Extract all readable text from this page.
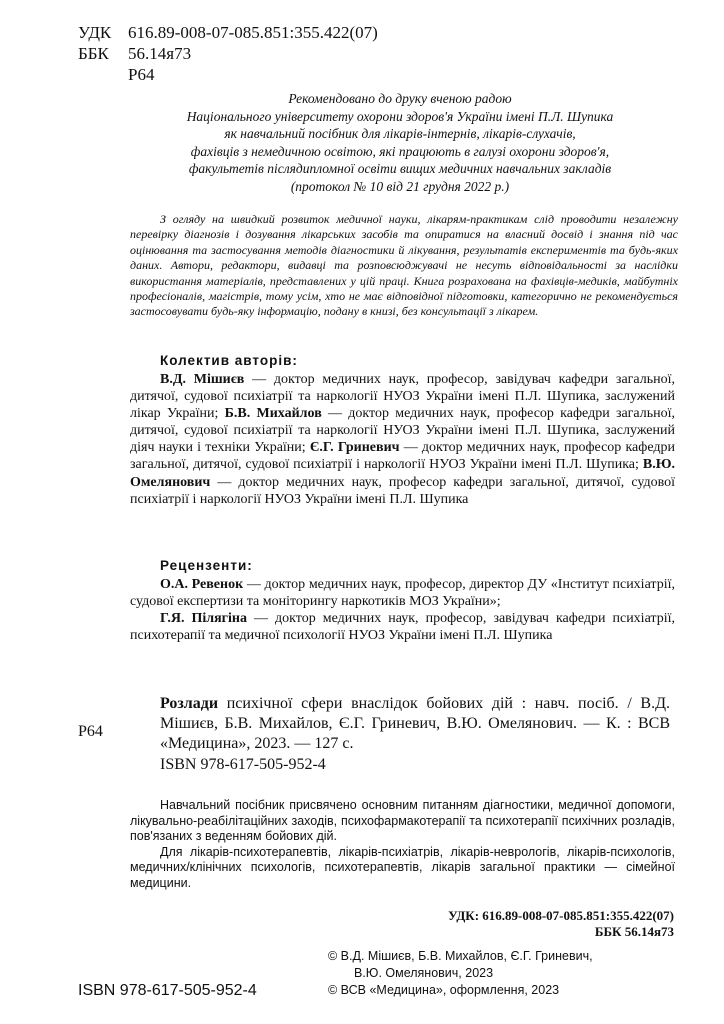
УДК 616.89-008-07-085.851:355.422(07)
ББК 56.14я73
Р64
Рекомендовано до друку вченою радою
Національного університету охорони здоров'я України імені П.Л. Шупика
як навчальний посібник для лікарів-інтернів, лікарів-слухачів,
фахівців з немедичною освітою, які працюють в галузі охорони здоров'я,
факультетів післядипломної освіти вищих медичних навчальних закладів
(протокол № 10 від 21 грудня 2022 р.)
З огляду на швидкий розвиток медичної науки, лікарям-практикам слід проводити незалежну перевірку діагнозів і дозування лікарських засобів та опиратися на власний досвід і знання під час оцінювання та застосування методів діагностики й лікування, результатів експериментів та будь-яких даних. Автори, редактори, видавці та розповсюджувачі не несуть відповідальності за наслідки використання матеріалів, представлених у цій праці. Книга розрахована на фахівців-медиків, майбутніх професіоналів, магістрів, тому усім, хто не має відповідної підготовки, категорично не рекомендується застосовувати будь-яку інформацію, подану в книзі, без консультації з лікарем.
Колектив авторів:
В.Д. Мішиєв — доктор медичних наук, професор, завідувач кафедри загальної, дитячої, судової психіатрії та наркології НУОЗ України імені П.Л. Шупика, заслужений лікар України; Б.В. Михайлов — доктор медичних наук, професор кафедри загальної, дитячої, судової психіатрії та наркології НУОЗ України імені П.Л. Шупика, заслужений діяч науки і техніки України; Є.Г. Гриневич — доктор медичних наук, професор кафедри загальної, дитячої, судової психіатрії і наркології НУОЗ України імені П.Л. Шупика; В.Ю. Омелянович — доктор медичних наук, професор кафедри загальної, дитячої, судової психіатрії і наркології НУОЗ України імені П.Л. Шупика
Рецензенти:

О.А. Ревенок — доктор медичних наук, професор, директор ДУ «Інститут психіатрії, судової експертизи та моніторингу наркотиків МОЗ України»;

Г.Я. Пілягіна — доктор медичних наук, професор, завідувач кафедри психіатрії, психотерапії та медичної психології НУОЗ України імені П.Л. Шупика

Р64
Розлади психічної сфери внаслідок бойових дій : навч. посіб. / В.Д. Мішиєв, Б.В. Михайлов, Є.Г. Гриневич, В.Ю. Омелянович. — К. : ВСВ «Медицина», 2023. — 127 с.
ISBN 978-617-505-952-4

Навчальний посібник присвячено основним питанням діагностики, медичної допомоги, лікувально-реабілітаційних заходів, психофармакотерапії та психотерапії психічних розладів, пов'язаних з веденням бойових дій.

Для лікарів-психотерапевтів, лікарів-психіатрів, лікарів-неврологів, лікарів-психологів, медичних/клінічних психологів, психотерапевтів, лікарів загальної практики — сімейної медицини.

УДК: 616.89-008-07-085.851:355.422(07)
ББК 56.14я73
ISBN 978-617-505-952-4
© В.Д. Мішиєв, Б.В. Михайлов, Є.Г. Гриневич,
В.Ю. Омелянович, 2023
© ВСВ «Медицина», оформлення, 2023
